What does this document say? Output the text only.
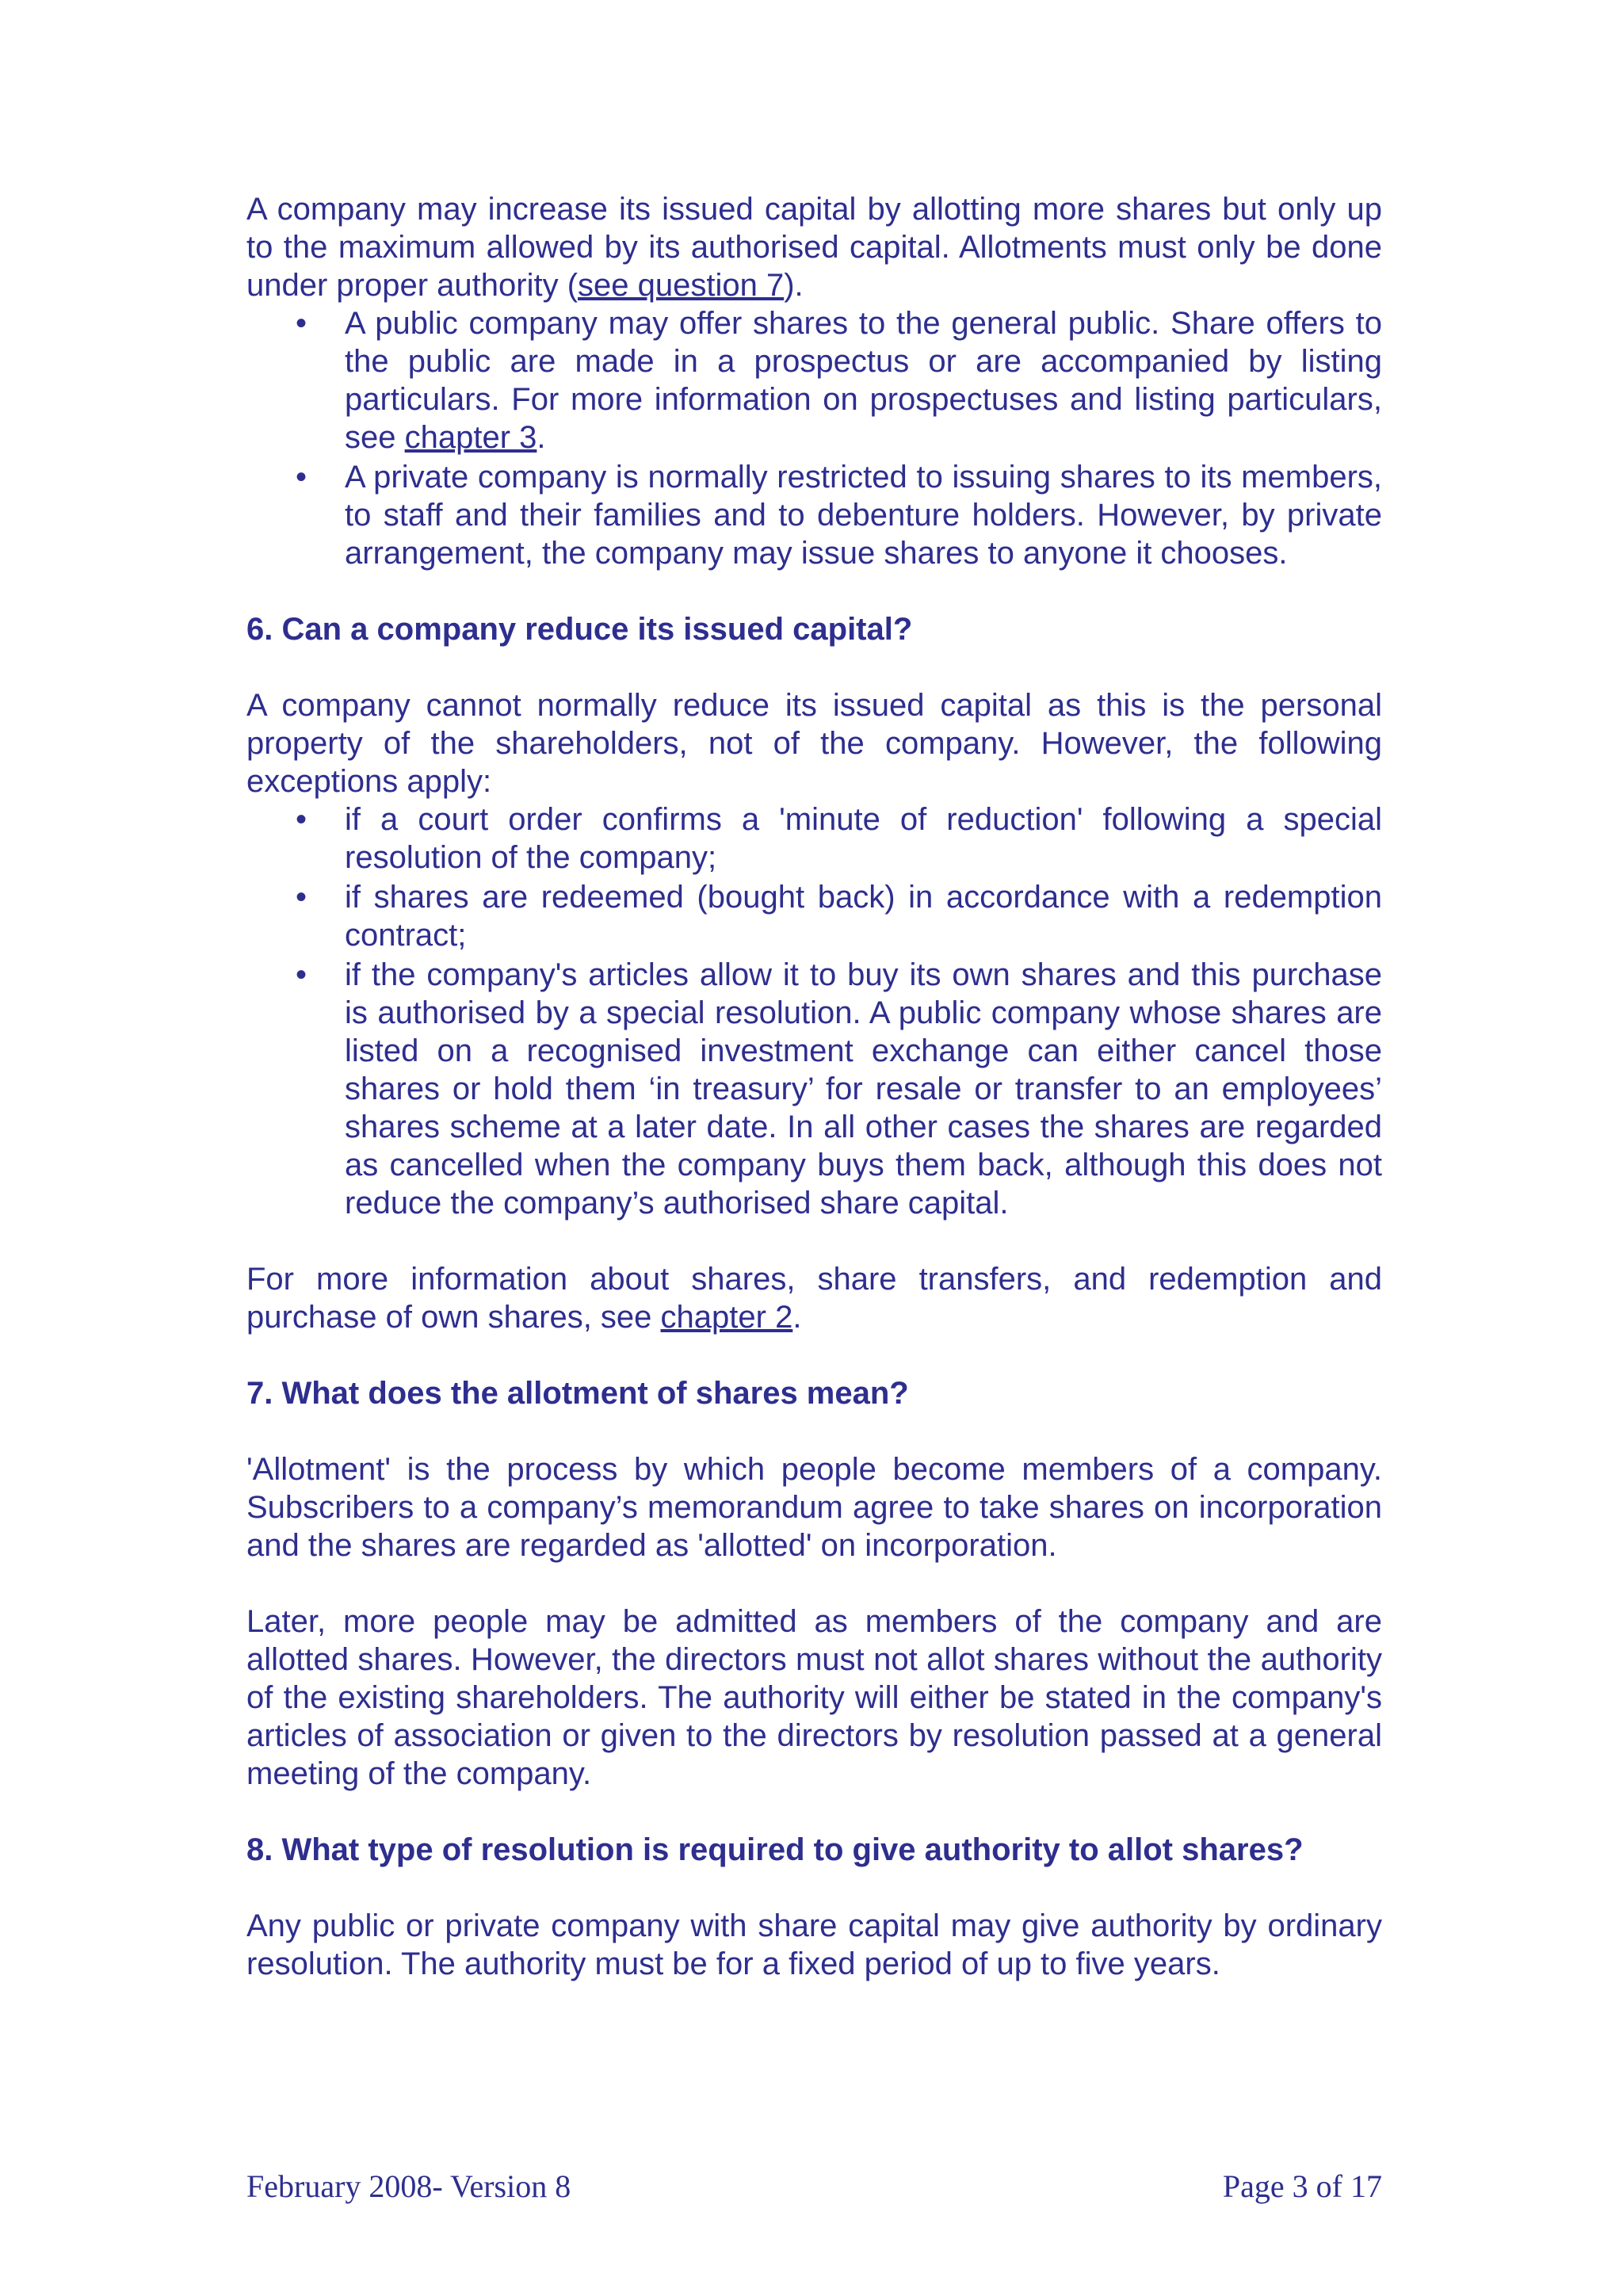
A company may increase its issued capital by allotting more shares but only up to the maximum allowed by its authorised capital. Allotments must only be done under proper authority (see question 7).

• A public company may offer shares to the general public. Share offers to the public are made in a prospectus or are accompanied by listing particulars. For more information on prospectuses and listing particulars, see chapter 3.
• A private company is normally restricted to issuing shares to its members, to staff and their families and to debenture holders. However, by private arrangement, the company may issue shares to anyone it chooses.
6. Can a company reduce its issued capital?

A company cannot normally reduce its issued capital as this is the personal property of the shareholders, not of the company. However, the following exceptions apply:

• if a court order confirms a 'minute of reduction' following a special resolution of the company;
• if shares are redeemed (bought back) in accordance with a redemption contract;
• if the company's articles allow it to buy its own shares and this purchase is authorised by a special resolution. A public company whose shares are listed on a recognised investment exchange can either cancel those shares or hold them ‘in treasury’ for resale or transfer to an employees’ shares scheme at a later date. In all other cases the shares are regarded as cancelled when the company buys them back, although this does not reduce the company’s authorised share capital.

For more information about shares, share transfers, and redemption and purchase of own shares, see chapter 2.

7. What does the allotment of shares mean?

'Allotment' is the process by which people become members of a company. Subscribers to a company’s memorandum agree to take shares on incorporation and the shares are regarded as 'allotted' on incorporation.

Later, more people may be admitted as members of the company and are allotted shares. However, the directors must not allot shares without the authority of the existing shareholders. The authority will either be stated in the company's articles of association or given to the directors by resolution passed at a general meeting of the company.

8. What type of resolution is required to give authority to allot shares?

Any public or private company with share capital may give authority by ordinary resolution. The authority must be for a fixed period of up to five years.

February 2008- Version 8	Page 3 of 17
